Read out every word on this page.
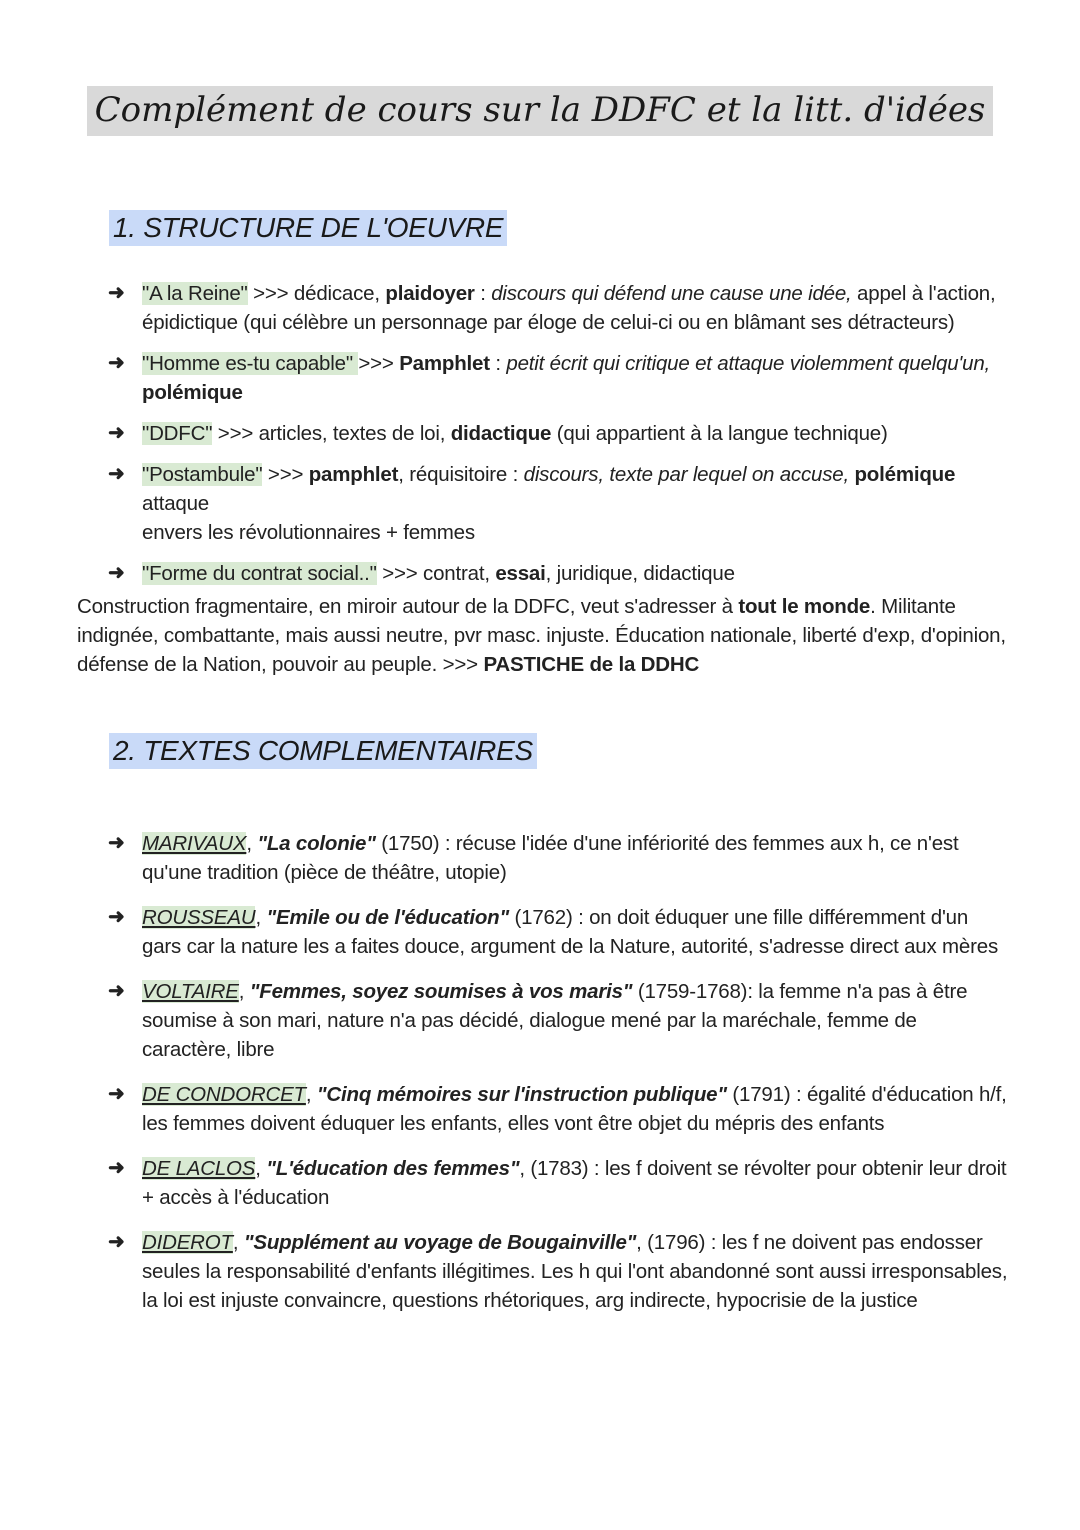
Complément de cours sur la DDFC et la litt. d'idées
1. STRUCTURE DE L'OEUVRE
➜ "A la Reine" >>> dédicace, plaidoyer : discours qui défend une cause une idée, appel à l'action,
épidictique (qui célèbre un personnage par éloge de celui-ci ou en blâmant ses détracteurs)
➜ "Homme es-tu capable" >>> Pamphlet : petit écrit qui critique et attaque violemment quelqu'un,
polémique
➜ "DDFC" >>> articles, textes de loi, didactique (qui appartient à la langue technique)
➜ "Postambule" >>> pamphlet, réquisitoire : discours, texte par lequel on accuse, polémique attaque
envers les révolutionnaires + femmes
➜ "Forme du contrat social.." >>> contrat, essai, juridique, didactique
Construction fragmentaire, en miroir autour de la DDFC, veut s'adresser à tout le monde. Militante indignée, combattante, mais aussi neutre, pvr masc. injuste. Éducation nationale, liberté d'exp, d'opinion, défense de la Nation, pouvoir au peuple. >>> PASTICHE de la DDHC
2. TEXTES COMPLEMENTAIRES
➜ MARIVAUX, "La colonie" (1750) : récuse l'idée d'une infériorité des femmes aux h, ce n'est qu'une tradition (pièce de théâtre, utopie)
➜ ROUSSEAU, "Emile ou de l'éducation" (1762) : on doit éduquer une fille différemment d'un gars car la nature les a faites douce, argument de la Nature, autorité, s'adresse direct aux mères
➜ VOLTAIRE, "Femmes, soyez soumises à vos maris" (1759-1768): la femme n'a pas à être soumise à son mari, nature n'a pas décidé, dialogue mené par la maréchale, femme de caractère, libre
➜ DE CONDORCET, "Cinq mémoires sur l'instruction publique" (1791) : égalité d'éducation h/f, les femmes doivent éduquer les enfants, elles vont être objet du mépris des enfants
➜ DE LACLOS, "L'éducation des femmes", (1783) : les f doivent se révolter pour obtenir leur droit + accès à l'éducation
➜ DIDEROT, "Supplément au voyage de Bougainville", (1796) : les f ne doivent pas endosser seules la responsabilité d'enfants illégitimes. Les h qui l'ont abandonné sont aussi irresponsables, la loi est injuste convaincre, questions rhétoriques, arg indirecte, hypocrisie de la justice
